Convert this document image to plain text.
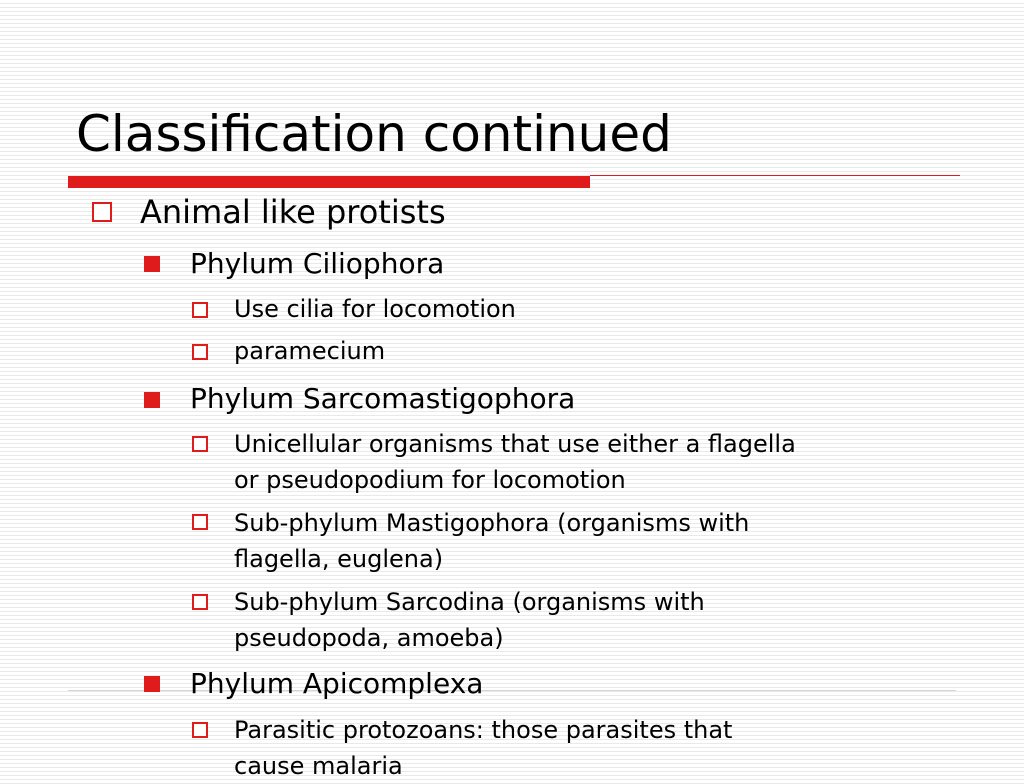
Classification continued
Animal like protists
Phylum Ciliophora
Use cilia for locomotion
paramecium
Phylum Sarcomastigophora
Unicellular organisms that use either a flagella
or pseudopodium for locomotion
Sub-phylum Mastigophora (organisms with
flagella, euglena)
Sub-phylum Sarcodina (organisms with
pseudopoda, amoeba)
Phylum Apicomplexa
Parasitic protozoans: those parasites that
cause malaria
